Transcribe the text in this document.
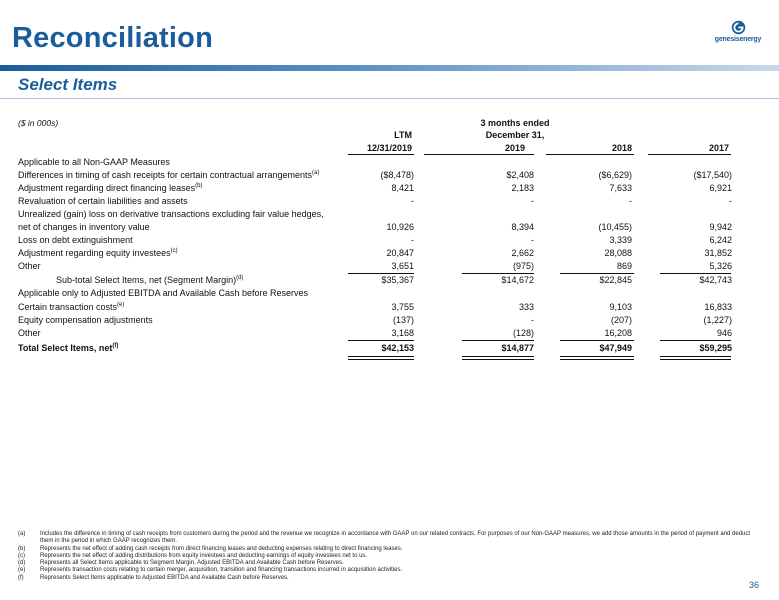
Reconciliation	genesisenergy
Select Items
($ in 000s)
LTM
12/31/2019
3 months ended
December 31,
2019	2018	2017
Applicable to all Non-GAAP Measures
Differences in timing of cash receipts for certain contractual arrangements$^{(a)}$	($8,478)	$2,408	($6,629)	($17,540)
Adjustment regarding direct financing leases$^{(b)}$	8,421	2,183	7,633	6,921
Revaluation of certain liabilities and assets	-	-	-	-
Unrealized (gain) loss on derivative transactions excluding fair value hedges,
net of changes in inventory value	10,926	8,394	(10,455)	9,942
Loss on debt extinguishment	-	-	3,339	6,242
Adjustment regarding equity investees$^{(c)}$	20,847	2,662	28,088	31,852
Other	3,651	(975)	869	5,326
Sub-total Select Items, net (Segment Margin)$^{(d)}$	$35,367	$14,672	$22,845	$42,743
Applicable only to Adjusted EBITDA and Available Cash before Reserves
Certain transaction costs$^{(e)}$	3,755	333	9,103	16,833
Equity compensation adjustments	(137)	-	(207)	(1,227)
Other	3,168	(128)	16,208	946
Total Select Items, net$^{(f)}$	$42,153	$14,877	$47,949	$59,295
(a) Includes the difference in timing of cash receipts from customers during the period and the revenue we recognize in accordance with GAAP on our related contracts. For purposes of our Non-GAAP measures, we add those amounts in the period of payment and deduct them in the period in which GAAP recognizes them.
(b) Represents the net effect of adding cash receipts from direct financing leases and deducting expenses relating to direct financing leases.
(c)	Represents the net effect of adding distributions from equity investees and deducting earnings of equity investees net to us.
(d) Represents all Select Items applicable to Segment Margin, Adjusted EBITDA and Available Cash before Reserves.
(e) Represents transaction costs relating to certain merger, acquisition, transition and financing transactions incurred in acquisition activities.
(f)	Represents Select Items applicable to Adjusted EBITDA and Available Cash before Reserves.
36
